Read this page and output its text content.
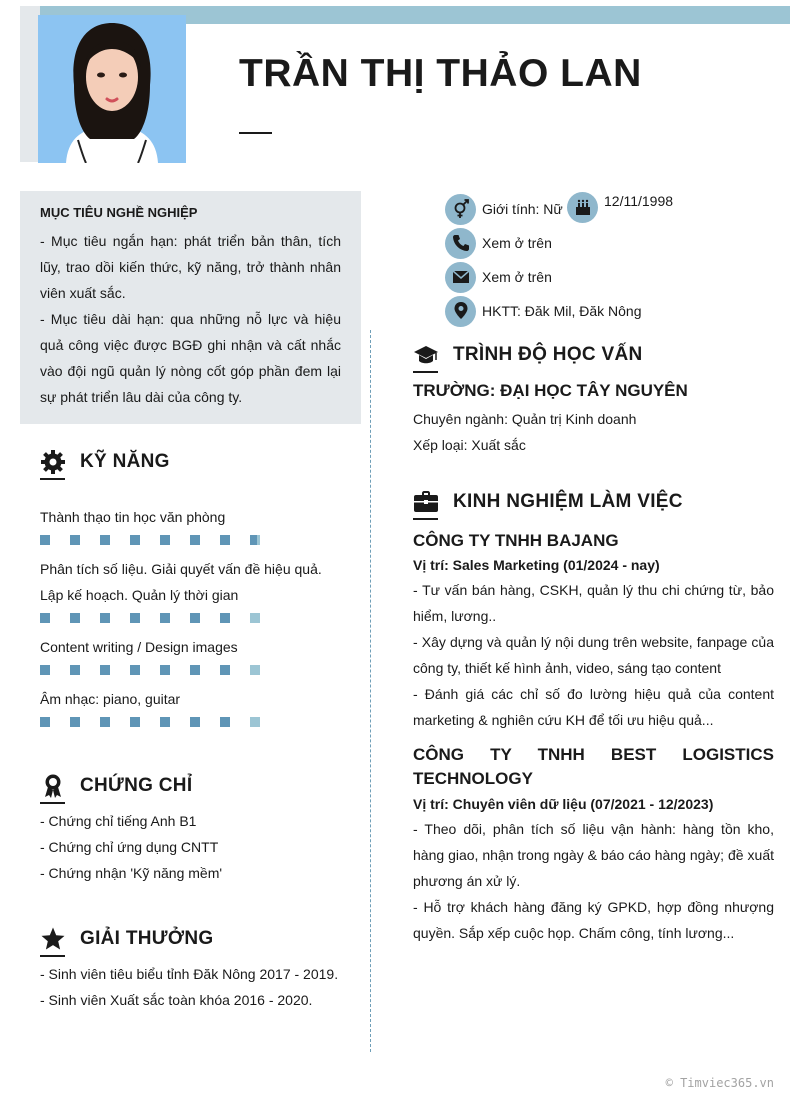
TRẦN THỊ THẢO LAN
MỤC TIÊU NGHỀ NGHIỆP
- Mục tiêu ngắn hạn: phát triển bản thân, tích lũy, trao dồi kiến thức, kỹ năng, trở thành nhân viên xuất sắc.
- Mục tiêu dài hạn: qua những nỗ lực và hiệu quả công việc được BGĐ ghi nhận và cất nhắc vào đội ngũ quản lý nòng cốt góp phần đem lại sự phát triển lâu dài của công ty.
Giới tính: Nữ	12/11/1998
Xem ở trên
Xem ở trên
HKTT: Đăk Mil, Đăk Nông
KỸ NĂNG
Thành thạo tin học văn phòng
Phân tích số liệu. Giải quyết vấn đề hiệu quả. Lập kế hoạch. Quản lý thời gian
Content writing / Design images
Âm nhạc: piano, guitar
CHỨNG CHỈ
- Chứng chỉ tiếng Anh B1
- Chứng chỉ ứng dụng CNTT
- Chứng nhận 'Kỹ năng mềm'
GIẢI THƯỞNG
- Sinh viên tiêu biểu tỉnh Đăk Nông 2017 - 2019.
- Sinh viên Xuất sắc toàn khóa 2016 - 2020.
TRÌNH ĐỘ HỌC VẤN
TRƯỜNG: ĐẠI HỌC TÂY NGUYÊN
Chuyên ngành: Quản trị Kinh doanh
Xếp loại: Xuất sắc
KINH NGHIỆM LÀM VIỆC
CÔNG TY TNHH BAJANG
Vị trí: Sales Marketing (01/2024 - nay)
- Tư vấn bán hàng, CSKH, quản lý thu chi chứng từ, bảo hiểm, lương..
- Xây dựng và quản lý nội dung trên website, fanpage của công ty, thiết kế hình ảnh, video, sáng tạo content
- Đánh giá các chỉ số đo lường hiệu quả của content marketing & nghiên cứu KH để tối ưu hiệu quả...
CÔNG TY TNHH BEST LOGISTICS TECHNOLOGY
Vị trí: Chuyên viên dữ liệu (07/2021 - 12/2023)
- Theo dõi, phân tích số liệu vận hành: hàng tồn kho, hàng giao, nhận trong ngày & báo cáo hàng ngày; đề xuất phương án xử lý.
- Hỗ trợ khách hàng đăng ký GPKD, hợp đồng nhượng quyền. Sắp xếp cuộc họp. Chấm công, tính lương...
© Timviec365.vn
